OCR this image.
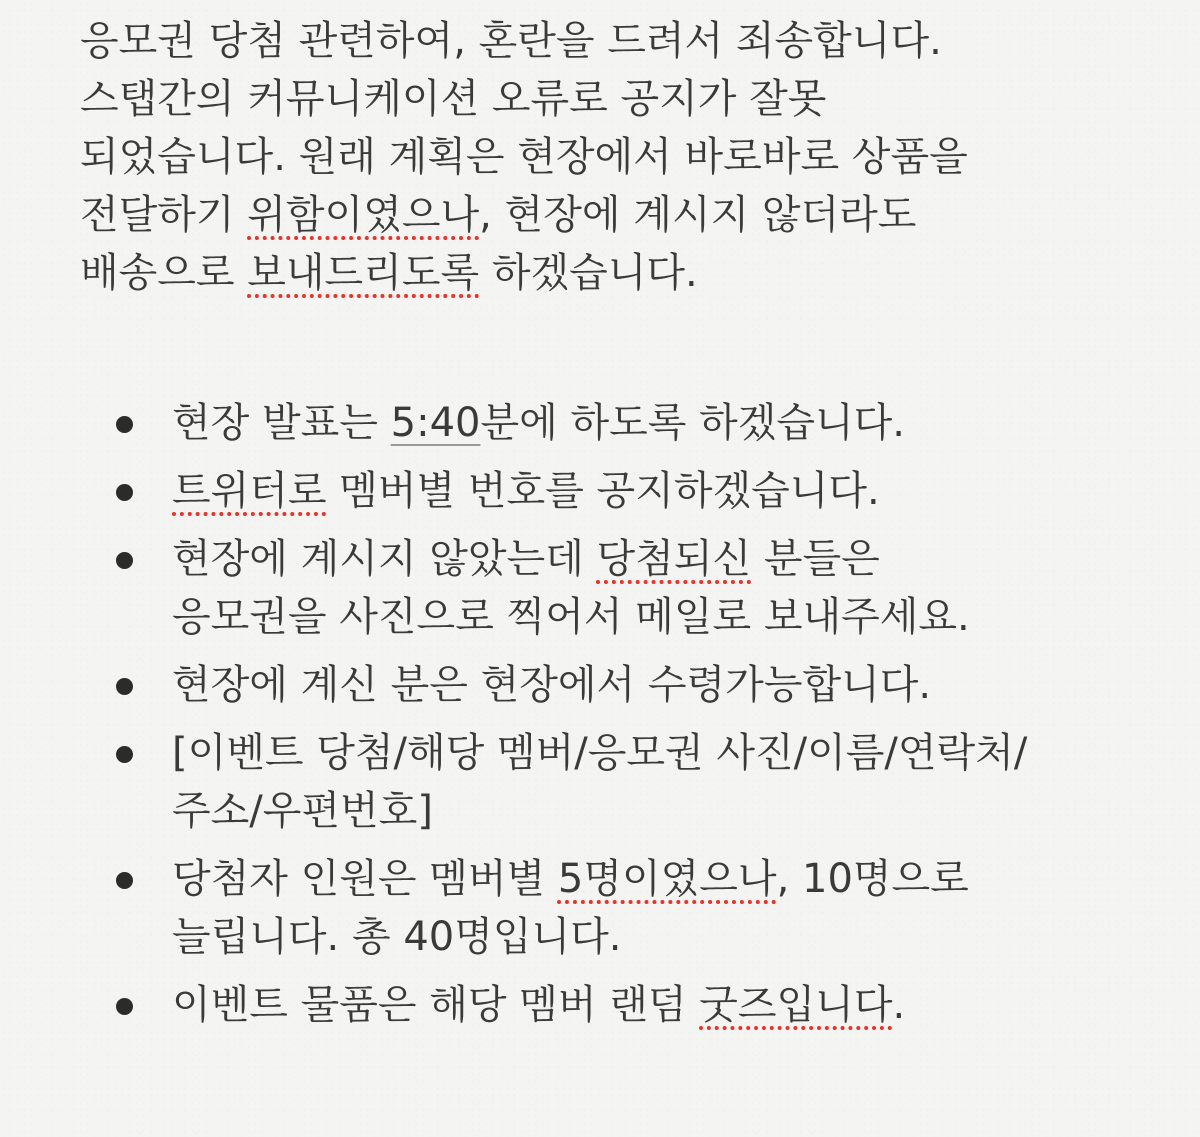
응모권 당첨 관련하여, 혼란을 드려서 죄송합니다.
스탭간의 커뮤니케이션 오류로 공지가 잘못
되었습니다. 원래 계획은 현장에서 바로바로 상품을
전달하기 위함이였으나, 현장에 계시지 않더라도
배송으로 보내드리도록 하겠습니다.
현장 발표는 5:40분에 하도록 하겠습니다.
트위터로 멤버별 번호를 공지하겠습니다.
현장에 계시지 않았는데 당첨되신 분들은
응모권을 사진으로 찍어서 메일로 보내주세요.
현장에 계신 분은 현장에서 수령가능합니다.
[이벤트 당첨/해당 멤버/응모권 사진/이름/연락처/
주소/우편번호]
당첨자 인원은 멤버별 5명이였으나, 10명으로
늘립니다. 총 40명입니다.
이벤트 물품은 해당 멤버 랜덤 굿즈입니다.
